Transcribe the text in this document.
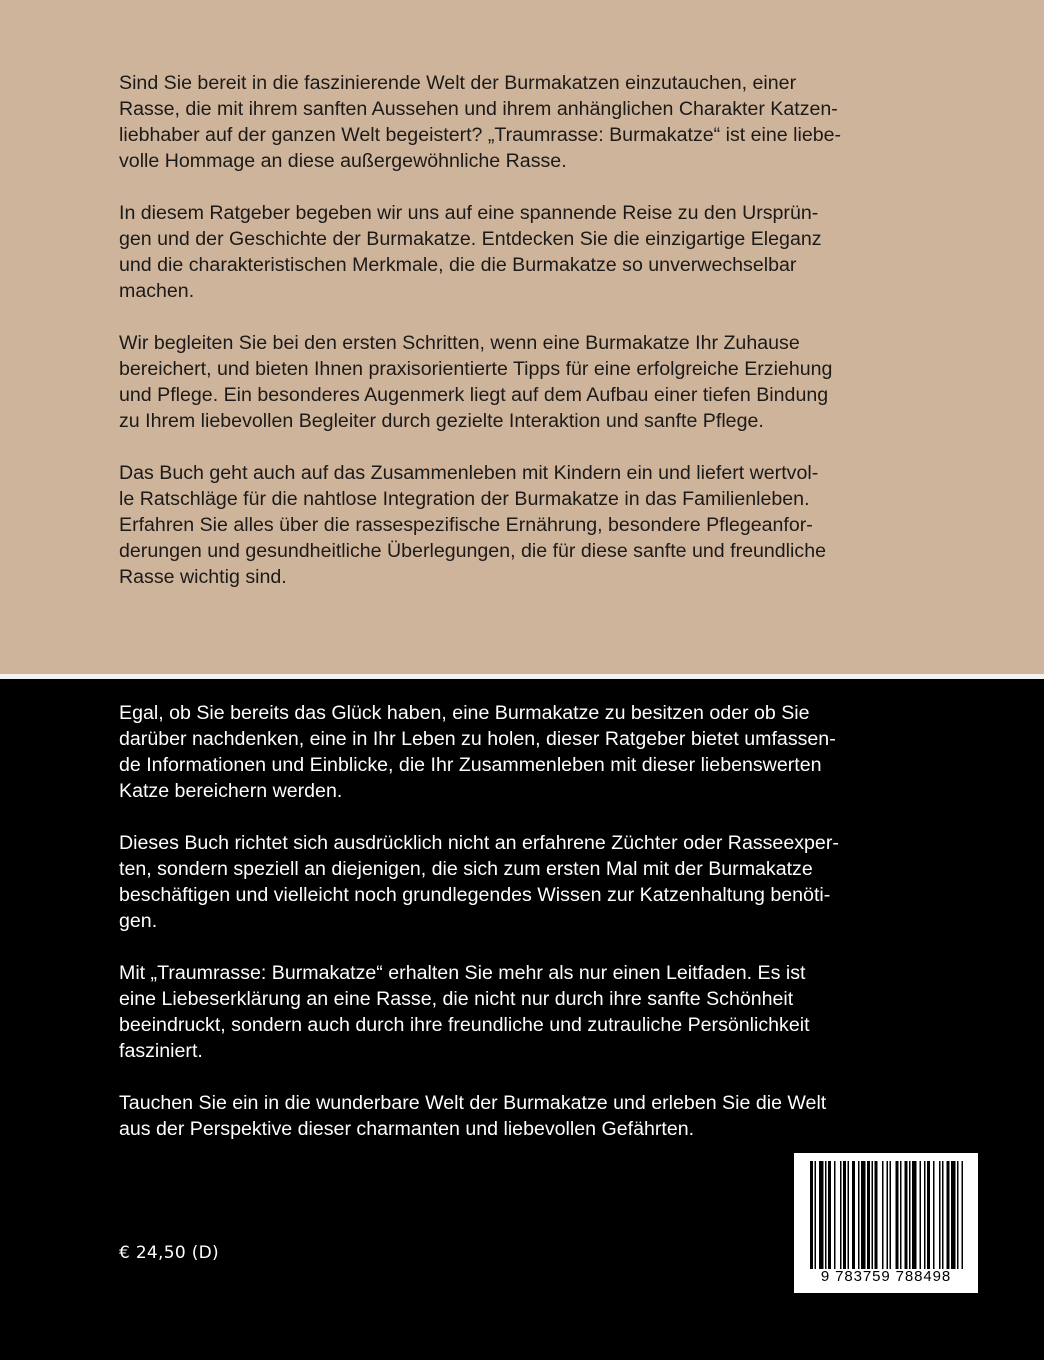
Sind Sie bereit in die faszinierende Welt der Burmakatzen einzutauchen, einer
Rasse, die mit ihrem sanften Aussehen und ihrem anhänglichen Charakter Katzen-
liebhaber auf der ganzen Welt begeistert? „Traumrasse: Burmakatze“ ist eine liebe-
volle Hommage an diese außergewöhnliche Rasse.

In diesem Ratgeber begeben wir uns auf eine spannende Reise zu den Ursprün-
gen und der Geschichte der Burmakatze. Entdecken Sie die einzigartige Eleganz
und die charakteristischen Merkmale, die die Burmakatze so unverwechselbar
machen.

Wir begleiten Sie bei den ersten Schritten, wenn eine Burmakatze Ihr Zuhause
bereichert, und bieten Ihnen praxisorientierte Tipps für eine erfolgreiche Erziehung
und Pflege. Ein besonderes Augenmerk liegt auf dem Aufbau einer tiefen Bindung
zu Ihrem liebevollen Begleiter durch gezielte Interaktion und sanfte Pflege.

Das Buch geht auch auf das Zusammenleben mit Kindern ein und liefert wertvol-
le Ratschläge für die nahtlose Integration der Burmakatze in das Familienleben.
Erfahren Sie alles über die rassespezifische Ernährung, besondere Pflegeanfor-
derungen und gesundheitliche Überlegungen, die für diese sanfte und freundliche
Rasse wichtig sind.

Egal, ob Sie bereits das Glück haben, eine Burmakatze zu besitzen oder ob Sie
darüber nachdenken, eine in Ihr Leben zu holen, dieser Ratgeber bietet umfassen-
de Informationen und Einblicke, die Ihr Zusammenleben mit dieser liebenswerten
Katze bereichern werden.

Dieses Buch richtet sich ausdrücklich nicht an erfahrene Züchter oder Rasseexper-
ten, sondern speziell an diejenigen, die sich zum ersten Mal mit der Burmakatze
beschäftigen und vielleicht noch grundlegendes Wissen zur Katzenhaltung benöti-
gen.

Mit „Traumrasse: Burmakatze“ erhalten Sie mehr als nur einen Leitfaden. Es ist
eine Liebeserklärung an eine Rasse, die nicht nur durch ihre sanfte Schönheit
beeindruckt, sondern auch durch ihre freundliche und zutrauliche Persönlichkeit
fasziniert.

Tauchen Sie ein in die wunderbare Welt der Burmakatze und erleben Sie die Welt
aus der Perspektive dieser charmanten und liebevollen Gefährten.

€ 24,50 (D)
9 783759 788498
